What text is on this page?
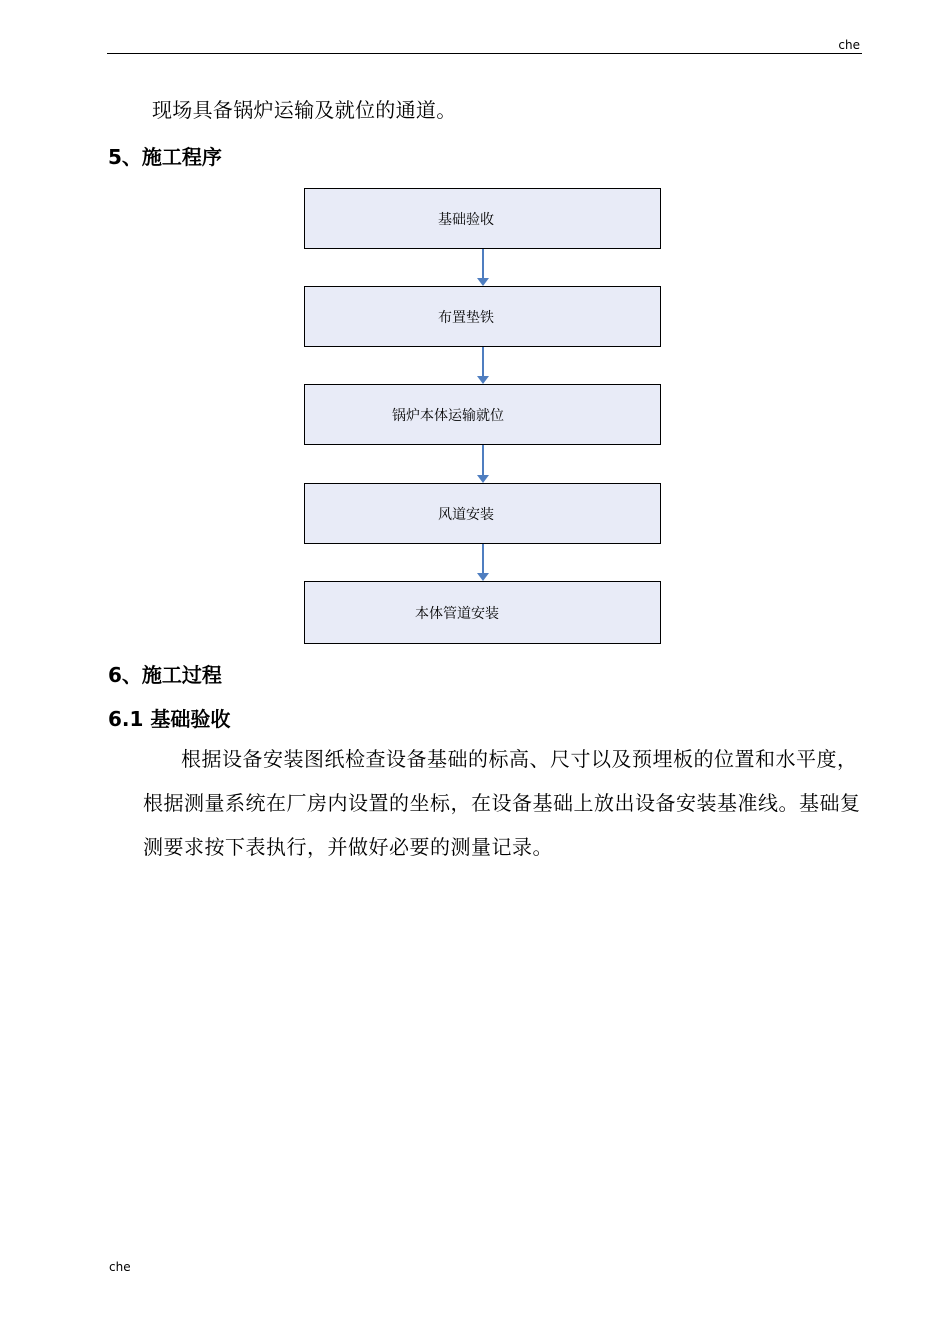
che
现场具备锅炉运输及就位的通道。
5、施工程序
基础验收
布置垫铁
锅炉本体运输就位
风道安装
本体管道安装
6、施工过程
6.1 基础验收
根据设备安装图纸检查设备基础的标高、尺寸以及预埋板的位置和水平度，根据测量系统在厂房内设置的坐标，在设备基础上放出设备安装基准线。基础复测要求按下表执行，并做好必要的测量记录。
che
